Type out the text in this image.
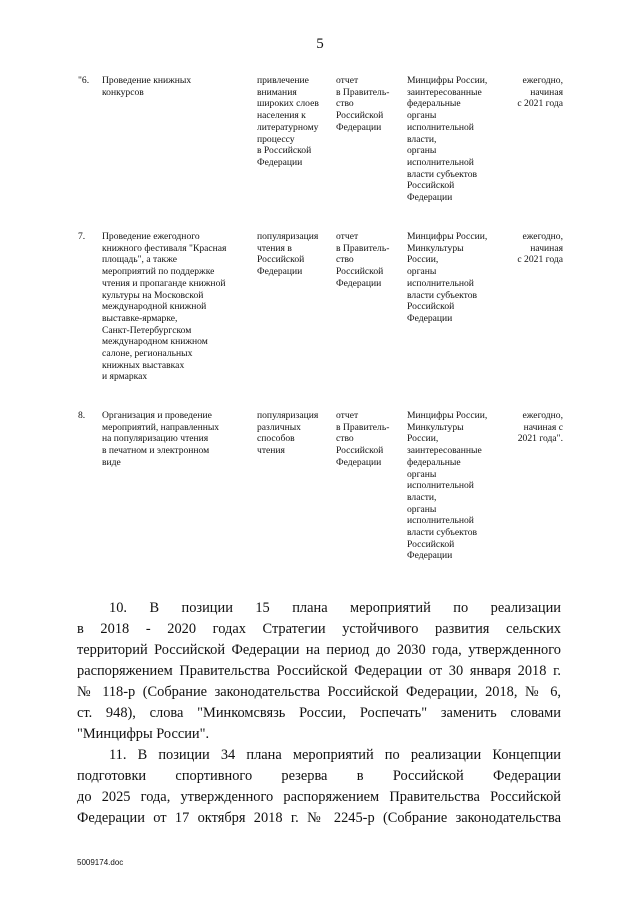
5
"6. Проведение книжных
конкурсов
привлечение
внимания
широкиx слоев
населения к
литературному
процессу
в Российской
Федерации
отчет
в Правитель-
ство
Российской
Федерации
Минцифры России,
заинтересованные
федеральные
органы
исполнительной
власти,
органы
исполнительной
власти субъектов
Российской
Федерации
ежегодно,
начиная
с 2021 года
7. Проведение ежегодного
книжного фестиваля "Красная
площадь", а также
мероприятий по поддержке
чтения и пропаганде книжной
культуры на Московской
международной книжной
выставке-ярмарке,
Санкт-Петербургском
международном книжном
салоне, региональных
книжных выставках
и ярмарках
популяризация
чтения в
Российской
Федерации
отчет
в Правитель-
ство
Российской
Федерации
Минцифры России,
Минкультуры
России,
органы
исполнительной
власти субъектов
Российской
Федерации
ежегодно,
начиная
с 2021 года
8. Организация и проведение
мероприятий, направленных
на популяризацию чтения
в печатном и электронном
виде
популяризация
различных
способов
чтения
отчет
в Правитель-
ство
Российской
Федерации
Минцифры России,
Минкультуры
России,
заинтересованные
федеральные
органы
исполнительной
власти,
органы
исполнительной
власти субъектов
Российской
Федерации
ежегодно,
начиная с
2021 года".
10. В позиции 15 плана мероприятий по реализации
в 2018 - 2020 годах Стратегии устойчивого развития сельских
территорий Российской Федерации на период до 2030 года, утвержденного
распоряжением Правительства Российской Федерации от 30 января 2018 г.
№ 118-р (Собрание законодательства Российской Федерации, 2018, № 6,
ст. 948), слова "Минкомсвязь России, Роспечать" заменить словами
"Минцифры России".
11. В позиции 34 плана мероприятий по реализации Концепции
подготовки спортивного резерва в Российской Федерации
до 2025 года, утвержденного распоряжением Правительства Российской
Федерации от 17 октября 2018 г. № 2245-р (Собрание законодательства
5009174.doc
